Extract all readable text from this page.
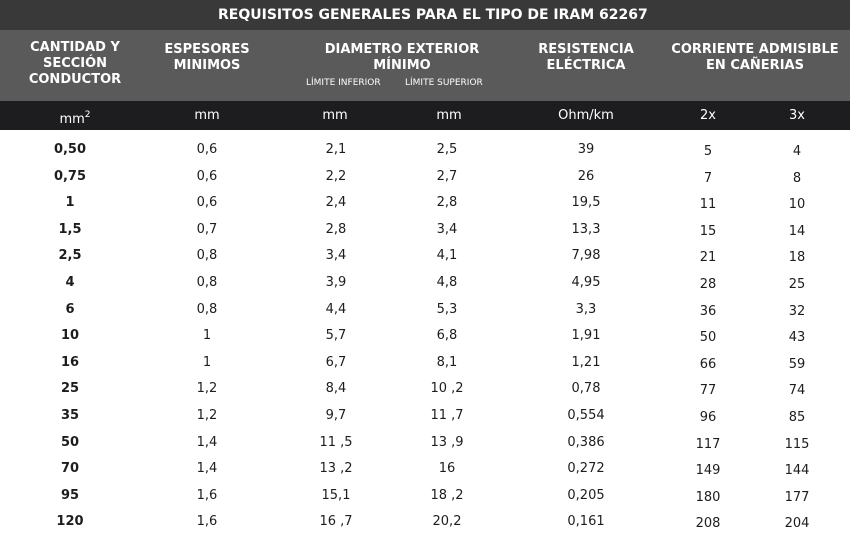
REQUISITOS GENERALES PARA EL TIPO DE IRAM 62267
CANTIDAD Y
SECCIÓN
CONDUCTOR
ESPESORES
MINIMOS
DIAMETRO EXTERIOR
MÍNIMO
LÍMITE INFERIOR	LÍMITE SUPERIOR
RESISTENCIA
ELÉCTRICA
CORRIENTE ADMISIBLE
EN CAÑERIAS
$mm^2$	mm	mm	mm	Ohm/km	2x	3x
0,50	0,6	2,1	2,5	39	5	4
0,75	0,6	2,2	2,7	26	7	8
1	0,6	2,4	2,8	19,5	11	10
1,5	0,7	2,8	3,4	13,3	15	14
2,5	0,8	3,4	4,1	7,98	21	18
4	0,8	3,9	4,8	4,95	28	25
6	0,8	4,4	5,3	3,3	36	32
10	1	5,7	6,8	1,91	50	43
16	1	6,7	8,1	1,21	66	59
25	1,2	8,4	10 ,2	0,78	77	74
35	1,2	9,7	11 ,7	0,554	96	85
50	1,4	11 ,5	13 ,9	0,386	117	115
70	1,4	13 ,2	16	0,272	149	144
95	1,6	15,1	18 ,2	0,205	180	177
120	1,6	16 ,7	20,2	0,161	208	204
